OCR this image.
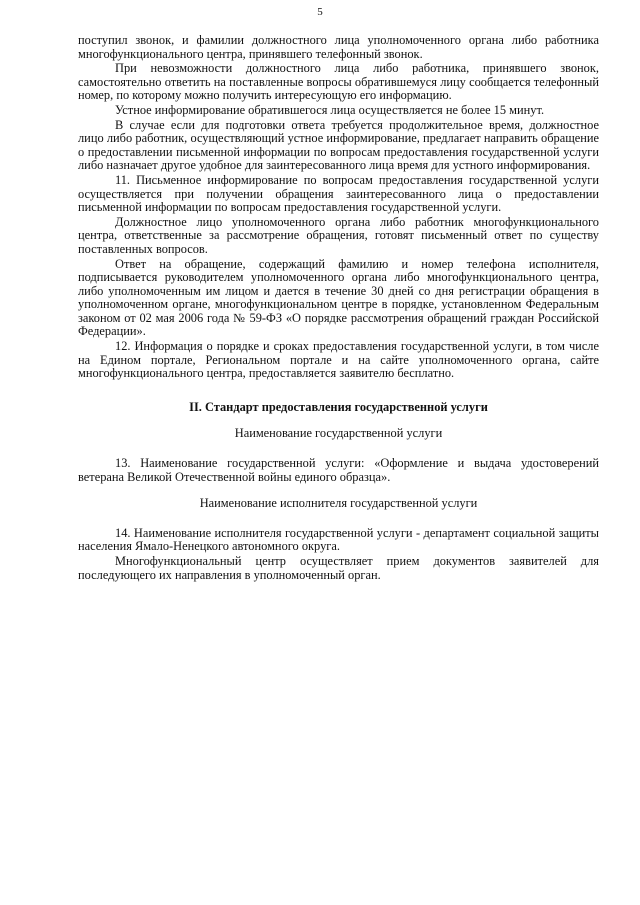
5

поступил звонок, и фамилии должностного лица уполномоченного органа либо работника многофункционального центра, принявшего телефонный звонок.

При невозможности должностного лица либо работника, принявшего звонок, самостоятельно ответить на поставленные вопросы обратившемуся лицу сообщается телефонный номер, по которому можно получить интересующую его информацию.

Устное информирование обратившегося лица осуществляется не более 15 минут.

В случае если для подготовки ответа требуется продолжительное время, должностное лицо либо работник, осуществляющий устное информирование, предлагает направить обращение о предоставлении письменной информации по вопросам предоставления государственной услуги либо назначает другое удобное для заинтересованного лица время для устного информирования.

11. Письменное информирование по вопросам предоставления государственной услуги осуществляется при получении обращения заинтересованного лица о предоставлении письменной информации по вопросам предоставления государственной услуги.

Должностное лицо уполномоченного органа либо работник многофункционального центра, ответственные за рассмотрение обращения, готовят письменный ответ по существу поставленных вопросов.

Ответ на обращение, содержащий фамилию и номер телефона исполнителя, подписывается руководителем уполномоченного органа либо многофункционального центра, либо уполномоченным им лицом и дается в течение 30 дней со дня регистрации обращения в уполномоченном органе, многофункциональном центре в порядке, установленном Федеральным законом от 02 мая 2006 года № 59-ФЗ «О порядке рассмотрения обращений граждан Российской Федерации».

12. Информация о порядке и сроках предоставления государственной услуги, в том числе на Едином портале, Региональном портале и на сайте уполномоченного органа, сайте многофункционального центра, предоставляется заявителю бесплатно.

II. Стандарт предоставления государственной услуги
Наименование государственной услуги

13. Наименование государственной услуги: «Оформление и выдача удостоверений ветерана Великой Отечественной войны единого образца».

Наименование исполнителя государственной услуги

14. Наименование исполнителя государственной услуги - департамент социальной защиты населения Ямало-Ненецкого автономного округа.

Многофункциональный центр осуществляет прием документов заявителей для последующего их направления в уполномоченный орган.
